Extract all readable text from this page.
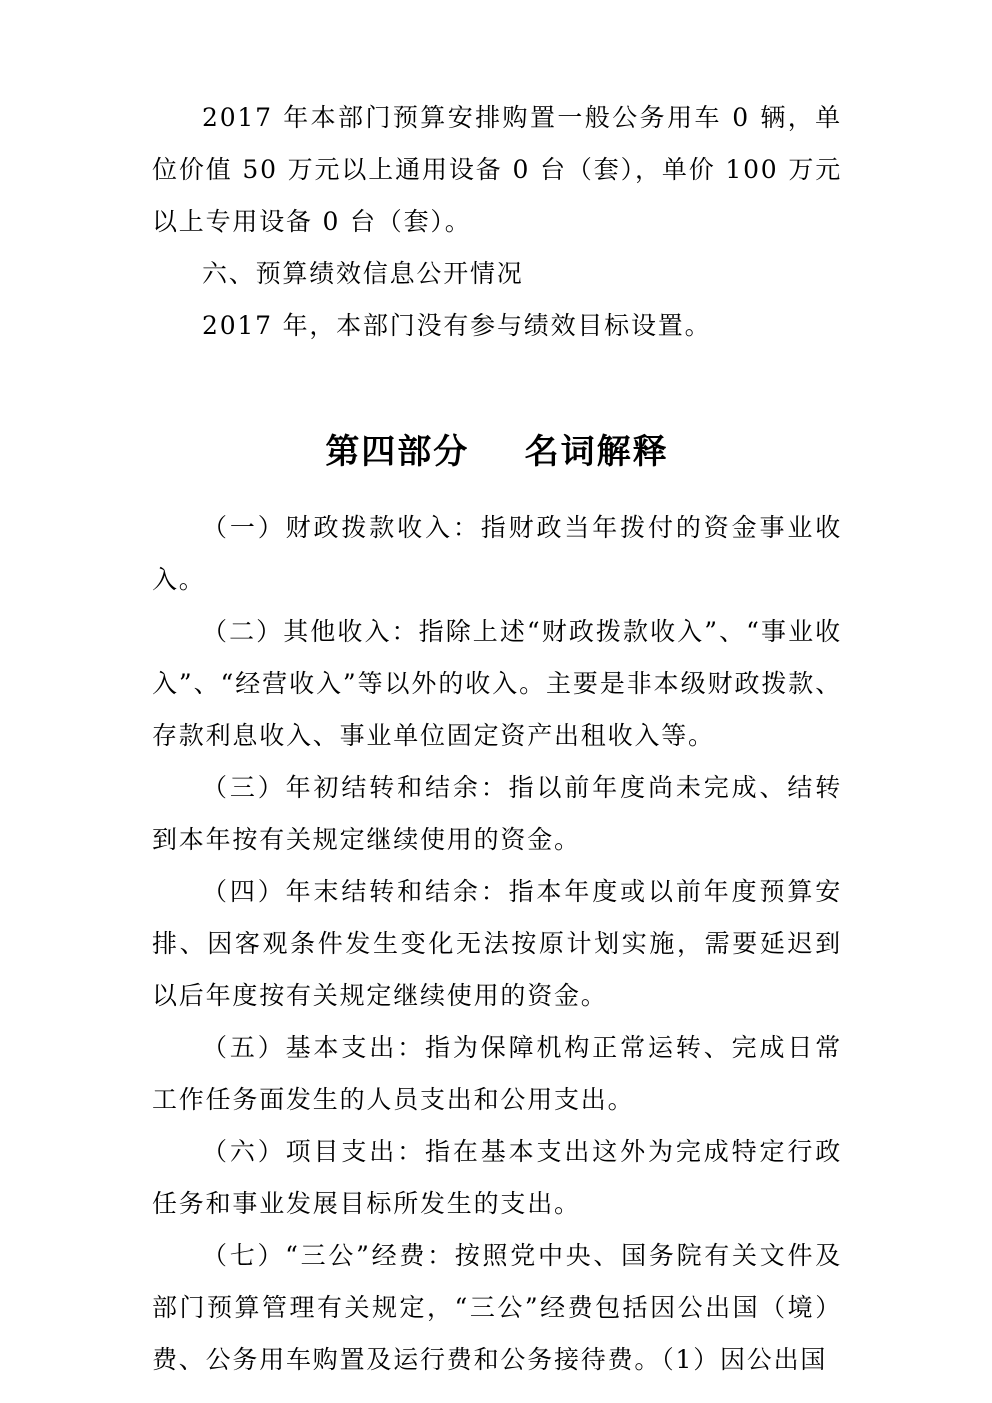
2017 年本部门预算安排购置一般公务用车 0 辆，单位价值 50 万元以上通用设备 0 台（套），单价 100 万元以上专用设备 0 台（套）。

六、预算绩效信息公开情况

2017 年，本部门没有参与绩效目标设置。

第四部分    名词解释

（一）财政拨款收入：指财政当年拨付的资金事业收入。

（二）其他收入：指除上述“财政拨款收入”、“事业收入”、“经营收入”等以外的收入。主要是非本级财政拨款、存款利息收入、事业单位固定资产出租收入等。

（三）年初结转和结余：指以前年度尚未完成、结转到本年按有关规定继续使用的资金。

（四）年末结转和结余：指本年度或以前年度预算安排、因客观条件发生变化无法按原计划实施，需要延迟到以后年度按有关规定继续使用的资金。

（五）基本支出：指为保障机构正常运转、完成日常工作任务面发生的人员支出和公用支出。

（六）项目支出：指在基本支出这外为完成特定行政任务和事业发展目标所发生的支出。

（七）“三公”经费：按照党中央、国务院有关文件及部门预算管理有关规定，“三公”经费包括因公出国（境）费、公务用车购置及运行费和公务接待费。（1）因公出国
